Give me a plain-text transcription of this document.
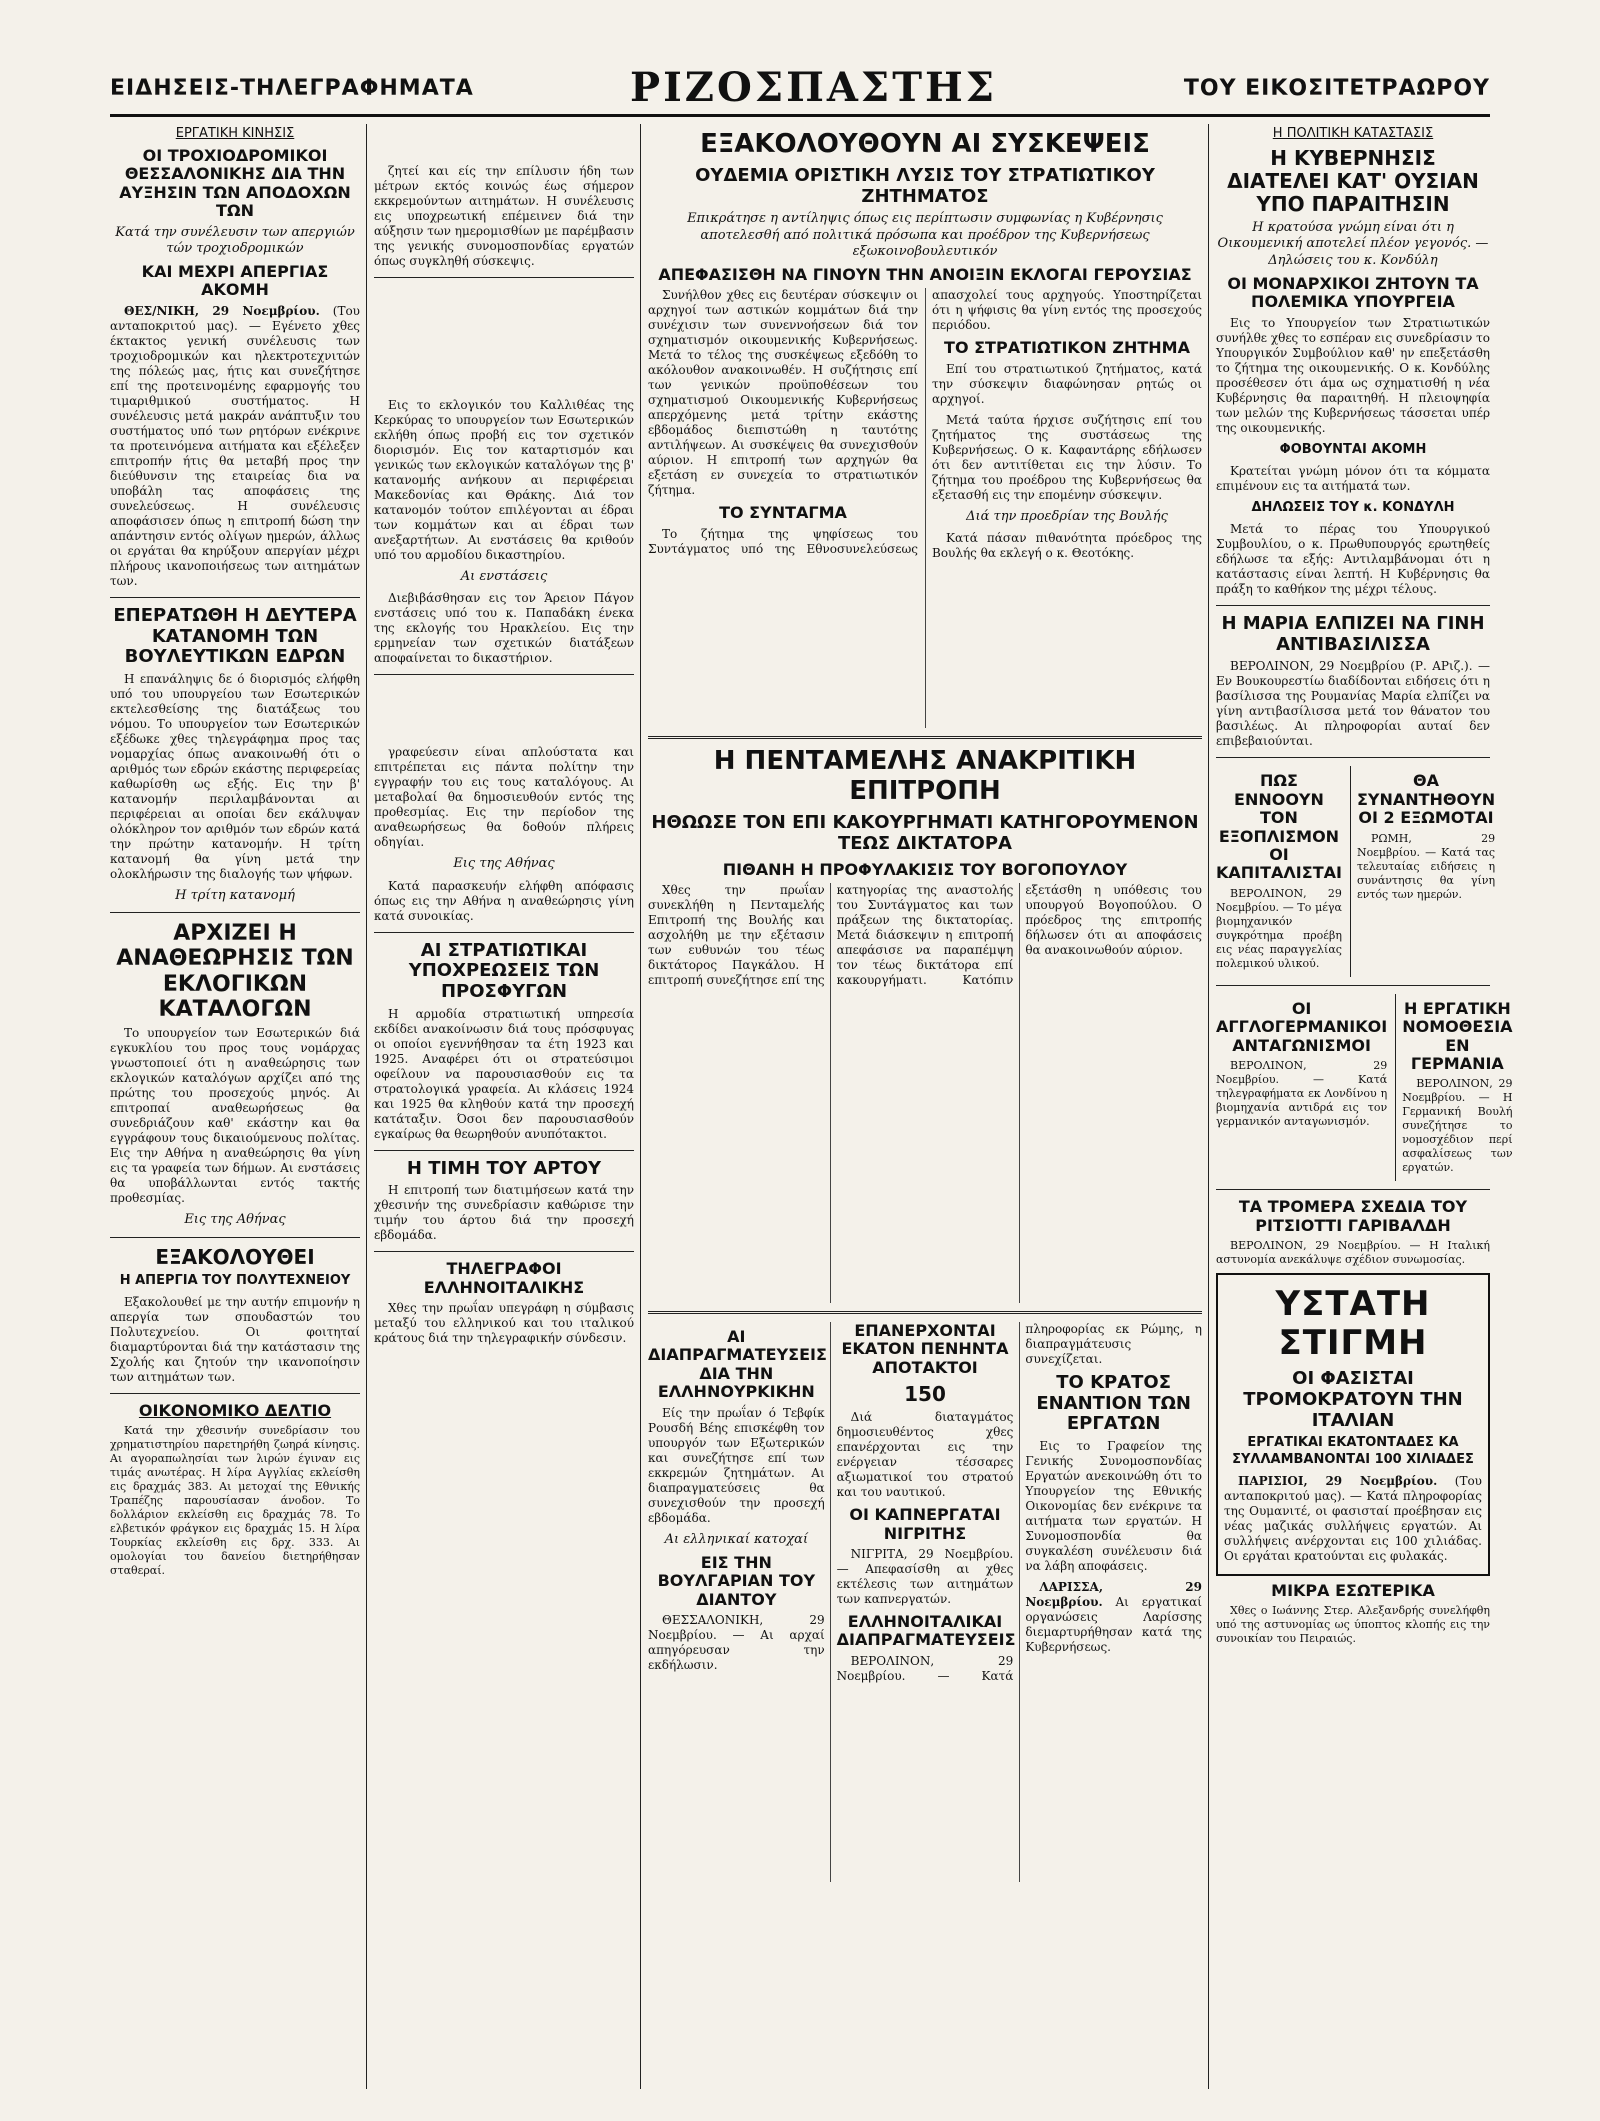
ΕΙΔΗΣΕΙΣ-ΤΗΛΕΓΡΑΦΗΜΑΤΑ	ΡΙΖΟΣΠΑΣΤΗΣ	ΤΟΥ ΕΙΚΟΣΙΤΕΤΡΑΩΡΟΥ
ΕΡΓΑΤΙΚΗ ΚΙΝΗΣΙΣ
ΟΙ ΤΡΟΧΙΟΔΡΟΜΙΚΟΙ ΘΕΣΣΑΛΟΝΙΚΗΣ ΔΙΑ ΤΗΝ ΑΥΞΗΣΙΝ ΤΩΝ ΑΠΟΔΟΧΩΝ ΤΩΝ
Κατά την συνέλευσιν των απεργιών τών τροχιοδρομικών
ΚΑΙ ΜΕΧΡΙ ΑΠΕΡΓΙΑΣ ΑΚΟΜΗ
ΘΕΣ/ΝΙΚΗ, 29 Νοεμβρίου. (Του ανταποκριτού μας). — Εγένετο χθες έκτακτος γενική συνέλευσις των τροχιοδρομικών και ηλεκτροτεχνιτών της πόλεώς μας, ήτις και συνεζήτησε επί της προτεινομένης εφαρμογής του τιμαριθμικού συστήματος. Η συνέλευσις μετά μακράν ανάπτυξιν του συστήματος υπό των ρητόρων ενέκρινε τα προτεινόμενα αιτήματα και εξέλεξεν επιτροπήν ήτις θα μεταβή προς την διεύθυνσιν της εταιρείας δια να υποβάλη τας αποφάσεις της συνελεύσεως. Η συνέλευσις αποφάσισεν όπως η επιτροπή δώση την απάντησιν εντός ολίγων ημερών, άλλως οι εργάται θα κηρύξουν απεργίαν μέχρι πλήρους ικανοποιήσεως των αιτημάτων των.
ΕΠΕΡΑΤΩΘΗ Η ΔΕΥΤΕΡΑ ΚΑΤΑΝΟΜΗ ΤΩΝ ΒΟΥΛΕΥΤΙΚΩΝ ΕΔΡΩΝ
Η επανάληψις δε ό διορισμός ελήφθη υπό του υπουργείου των Εσωτερικών εκτελεσθείσης της διατάξεως του νόμου. Το υπουργείον των Εσωτερικών εξέδωκε χθες τηλεγράφημα προς τας νομαρχίας όπως ανακοινωθή ότι ο αριθμός των εδρών εκάστης περιφερείας καθωρίσθη ως εξής. Εις την β' κατανομήν περιλαμβάνονται αι περιφέρειαι αι οποίαι δεν εκάλυψαν ολόκληρον τον αριθμόν των εδρών κατά την πρώτην κατανομήν. Η τρίτη κατανομή θα γίνη μετά την ολοκλήρωσιν της διαλογής των ψήφων.
Η τρίτη κατανομή
ΑΡΧΙΖΕΙ Η ΑΝΑΘΕΩΡΗΣΙΣ ΤΩΝ ΕΚΛΟΓΙΚΩΝ ΚΑΤΑΛΟΓΩΝ
Το υπουργείον των Εσωτερικών διά εγκυκλίου του προς τους νομάρχας γνωστοποιεί ότι η αναθεώρησις των εκλογικών καταλόγων αρχίζει από της πρώτης του προσεχούς μηνός. Αι επιτροπαί αναθεωρήσεως θα συνεδριάζουν καθ' εκάστην και θα εγγράφουν τους δικαιούμενους πολίτας. Εις την Αθήνα η αναθεώρησις θα γίνη εις τα γραφεία των δήμων. Αι ενστάσεις θα υποβάλλωνται εντός τακτής προθεσμίας.
Εις της Αθήνας
ΕΞΑΚΟΛΟΥΘΕΙ
Η ΑΠΕΡΓΙΑ ΤΟΥ ΠΟΛΥΤΕΧΝΕΙΟΥ
Εξακολουθεί με την αυτήν επιμονήν η απεργία των σπουδαστών του Πολυτεχνείου. Οι φοιτηταί διαμαρτύρονται διά την κατάστασιν της Σχολής και ζητούν την ικανοποίησιν των αιτημάτων των.
ΟΙΚΟΝΟΜΙΚΟ ΔΕΛΤΙΟ
Κατά την χθεσινήν συνεδρίασιν του χρηματιστηρίου παρετηρήθη ζωηρά κίνησις. Αι αγοραπωλησίαι των λιρών έγιναν εις τιμάς ανωτέρας. Η λίρα Αγγλίας εκλείσθη εις δραχμάς 383. Αι μετοχαί της Εθνικής Τραπέζης παρουσίασαν άνοδον. Το δολλάριον εκλείσθη εις δραχμάς 78. Το ελβετικόν φράγκον εις δραχμάς 15. Η λίρα Τουρκίας εκλείσθη εις δρχ. 333. Αι ομολογίαι του δανείου διετηρήθησαν σταθεραί.
ζητεί και είς την επίλυσιν ήδη των μέτρων εκτός κοινώς έως σήμερον εκκρεμούντων αιτημάτων. Η συνέλευσις εις υποχρεωτική επέμεινεν διά την αύξησιν των ημερομισθίων με παρέμβασιν της γενικής συνομοσπονδίας εργατών όπως συγκληθή σύσκεψις.
Εις το εκλογικόν του Καλλιθέας της Κερκύρας το υπουργείον των Εσωτερικών εκλήθη όπως προβή εις τον σχετικόν διορισμόν. Εις τον καταρτισμόν και γενικώς των εκλογικών καταλόγων της β' κατανομής ανήκουν αι περιφέρειαι Μακεδονίας και Θράκης. Διά τον κατανομόν τούτον επιλέγονται αι έδραι των κομμάτων και αι έδραι των ανεξαρτήτων. Αι ενστάσεις θα κριθούν υπό του αρμοδίου δικαστηρίου.
Αι ενστάσεις
Διεβιβάσθησαν εις τον Άρειον Πάγον ενστάσεις υπό του κ. Παπαδάκη ένεκα της εκλογής του Ηρακλείου. Εις την ερμηνείαν των σχετικών διατάξεων αποφαίνεται το δικαστήριον.
γραφεύεσιν είναι απλούστατα και επιτρέπεται εις πάντα πολίτην την εγγραφήν του εις τους καταλόγους. Αι μεταβολαί θα δημοσιευθούν εντός της προθεσμίας. Εις την περίοδον της αναθεωρήσεως θα δοθούν πλήρεις οδηγίαι.
Εις της Αθήνας
Κατά παρασκευήν ελήφθη απόφασις όπως εις την Αθήνα η αναθεώρησις γίνη κατά συνοικίας.
ΑΙ ΣΤΡΑΤΙΩΤΙΚΑΙ ΥΠΟΧΡΕΩΣΕΙΣ ΤΩΝ ΠΡΟΣΦΥΓΩΝ
Η αρμοδία στρατιωτική υπηρεσία εκδίδει ανακοίνωσιν διά τους πρόσφυγας οι οποίοι εγεννήθησαν τα έτη 1923 και 1925. Αναφέρει ότι οι στρατεύσιμοι οφείλουν να παρουσιασθούν εις τα στρατολογικά γραφεία. Αι κλάσεις 1924 και 1925 θα κληθούν κατά την προσεχή κατάταξιν. Όσοι δεν παρουσιασθούν εγκαίρως θα θεωρηθούν ανυπότακτοι.
Η ΤΙΜΗ ΤΟΥ ΑΡΤΟΥ
Η επιτροπή των διατιμήσεων κατά την χθεσινήν της συνεδρίασιν καθώρισε την τιμήν του άρτου διά την προσεχή εβδομάδα.
ΤΗΛΕΓΡΑΦΟΙ ΕΛΛΗΝΟΙΤΑΛΙΚΗΣ
Χθες την πρωΐαν υπεγράφη η σύμβασις μεταξύ του ελληνικού και του ιταλικού κράτους διά την τηλεγραφικήν σύνδεσιν.
ΕΞΑΚΟΛΟΥΘΟΥΝ ΑΙ ΣΥΣΚΕΨΕΙΣ
ΟΥΔΕΜΙΑ ΟΡΙΣΤΙΚΗ ΛΥΣΙΣ ΤΟΥ ΣΤΡΑΤΙΩΤΙΚΟΥ ΖΗΤΗΜΑΤΟΣ
Επικράτησε η αντίληψις όπως εις περίπτωσιν συμφωνίας η Κυβέρνησις αποτελεσθή από πολιτικά πρόσωπα και προέδρον της Κυβερνήσεως εξωκοινοβουλευτικόν
ΑΠΕΦΑΣΙΣΘΗ ΝΑ ΓΙΝΟΥΝ ΤΗΝ ΑΝΟΙΞΙΝ ΕΚΛΟΓΑΙ ΓΕΡΟΥΣΙΑΣ
Συνήλθον χθες εις δευτέραν σύσκεψιν οι αρχηγοί των αστικών κομμάτων διά την συνέχισιν των συνεννοήσεων διά τον σχηματισμόν οικουμενικής Κυβερνήσεως. Μετά το τέλος της συσκέψεως εξεδόθη το ακόλουθον ανακοινωθέν. Η συζήτησις επί των γενικών προϋποθέσεων του σχηματισμού Οικουμενικής Κυβερνήσεως απερχόμενης μετά τρίτην εκάστης εβδομάδος διεπιστώθη η ταυτότης αντιλήψεων. Αι συσκέψεις θα συνεχισθούν αύριον. Η επιτροπή των αρχηγών θα εξετάση εν συνεχεία το στρατιωτικόν ζήτημα.
ΤΟ ΣΥΝΤΑΓΜΑ
Το ζήτημα της ψηφίσεως του Συντάγματος υπό της Εθνοσυνελεύσεως απασχολεί τους αρχηγούς. Υποστηρίζεται ότι η ψήφισις θα γίνη εντός της προσεχούς περιόδου.
ΤΟ ΣΤΡΑΤΙΩΤΙΚΟΝ ΖΗΤΗΜΑ
Επί του στρατιωτικού ζητήματος, κατά την σύσκεψιν διαφώνησαν ρητώς οι αρχηγοί.
Μετά ταύτα ήρχισε συζήτησις επί του ζητήματος της συστάσεως της Κυβερνήσεως. Ο κ. Καφαντάρης εδήλωσεν ότι δεν αντιτίθεται εις την λύσιν. Το ζήτημα του προέδρου της Κυβερνήσεως θα εξετασθή εις την επομένην σύσκεψιν.
Διά την προεδρίαν της Βουλής
Κατά πάσαν πιθανότητα πρόεδρος της Βουλής θα εκλεγή ο κ. Θεοτόκης.
Η ΠΕΝΤΑΜΕΛΗΣ ΑΝΑΚΡΙΤΙΚΗ ΕΠΙΤΡΟΠΗ
ΗΘΩΩΣΕ ΤΟΝ ΕΠΙ ΚΑΚΟΥΡΓΗΜΑΤΙ ΚΑΤΗΓΟΡΟΥΜΕΝΟΝ ΤΕΩΣ ΔΙΚΤΑΤΟΡΑ
ΠΙΘΑΝΗ Η ΠΡΟΦΥΛΑΚΙΣΙΣ ΤΟΥ ΒΟΓΟΠΟΥΛΟΥ
Χθες την πρωΐαν συνεκλήθη η Πενταμελής Επιτροπή της Βουλής και ασχολήθη με την εξέτασιν των ευθυνών του τέως δικτάτορος Παγκάλου. Η επιτροπή συνεζήτησε επί της κατηγορίας της αναστολής του Συντάγματος και των πράξεων της δικτατορίας. Μετά διάσκεψιν η επιτροπή απεφάσισε να παραπέμψη τον τέως δικτάτορα επί κακουργήματι. Κατόπιν εξετάσθη η υπόθεσις του υπουργού Βογοπούλου. Ο πρόεδρος της επιτροπής δήλωσεν ότι αι αποφάσεις θα ανακοινωθούν αύριον.
ΑΙ ΔΙΑΠΡΑΓΜΑΤΕΥΣΕΙΣ ΔΙΑ ΤΗΝ ΕΛΛΗΝΟΥΡΚΙΚΗΝ
Είς την πρωΐαν ό Τεβφίκ Ρουσδή Βέης επισκέφθη τον υπουργόν των Εξωτερικών και συνεζήτησε επί των εκκρεμών ζητημάτων. Αι διαπραγματεύσεις θα συνεχισθούν την προσεχή εβδομάδα.
Αι ελληνικαί κατοχαί
ΕΙΣ ΤΗΝ ΒΟΥΛΓΑΡΙΑΝ ΤΟΥ ΔΙΑΝΤΟΥ
ΘΕΣΣΑΛΟΝΙΚΗ, 29 Νοεμβρίου. — Αι αρχαί απηγόρευσαν την εκδήλωσιν.
ΕΠΑΝΕΡΧΟΝΤΑΙ ΕΚΑΤΟΝ ΠΕΝΗΝΤΑ ΑΠΟΤΑΚΤΟΙ
150
Διά διαταγμάτος δημοσιευθέντος χθες επανέρχονται εις την ενέργειαν τέσσαρες αξιωματικοί του στρατού και του ναυτικού.
ΟΙ ΚΑΠΝΕΡΓΑΤΑΙ ΝΙΓΡΙΤΗΣ
ΝΙΓΡΙΤΑ, 29 Νοεμβρίου. — Απεφασίσθη αι χθες εκτέλεσις των αιτημάτων των καπνεργατών.
ΕΛΛΗΝΟΙΤΑΛΙΚΑΙ ΔΙΑΠΡΑΓΜΑΤΕΥΣΕΙΣ
ΒΕΡΟΛΙΝΟΝ, 29 Νοεμβρίου. — Κατά πληροφορίας εκ Ρώμης, η διαπραγμάτευσις συνεχίζεται.
ΤΟ ΚΡΑΤΟΣ ΕΝΑΝΤΙΟΝ ΤΩΝ ΕΡΓΑΤΩΝ
Εις το Γραφείον της Γενικής Συνομοσπονδίας Εργατών ανεκοινώθη ότι το Υπουργείον της Εθνικής Οικονομίας δεν ενέκρινε τα αιτήματα των εργατών. Η Συνομοσπονδία θα συγκαλέση συνέλευσιν διά να λάβη αποφάσεις.
ΛΑΡΙΣΣΑ, 29 Νοεμβρίου. Αι εργατικαί οργανώσεις Λαρίσσης διεμαρτυρήθησαν κατά της Κυβερνήσεως.
Η ΠΟΛΙΤΙΚΗ ΚΑΤΑΣΤΑΣΙΣ
Η ΚΥΒΕΡΝΗΣΙΣ ΔΙΑΤΕΛΕΙ ΚΑΤ' ΟΥΣΙΑΝ ΥΠΟ ΠΑΡΑΙΤΗΣΙΝ
Η κρατούσα γνώμη είναι ότι η Οικουμενική αποτελεί πλέον γεγονός. — Δηλώσεις του κ. Κονδύλη
ΟΙ ΜΟΝΑΡΧΙΚΟΙ ΖΗΤΟΥΝ ΤΑ ΠΟΛΕΜΙΚΑ ΥΠΟΥΡΓΕΙΑ
Εις το Υπουργείον των Στρατιωτικών συνήλθε χθες το εσπέραν εις συνεδρίασιν το Υπουργικόν Συμβούλιον καθ' ην επεξετάσθη το ζήτημα της οικουμενικής. Ο κ. Κονδύλης προσέθεσεν ότι άμα ως σχηματισθή η νέα Κυβέρνησις θα παραιτηθή. Η πλειοψηφία των μελών της Κυβερνήσεως τάσσεται υπέρ της οικουμενικής.
ΦΟΒΟΥΝΤΑΙ ΑΚΟΜΗ
Κρατείται γνώμη μόνον ότι τα κόμματα επιμένουν εις τα αιτήματά των.
ΔΗΛΩΣΕΙΣ ΤΟΥ κ. ΚΟΝΔΥΛΗ
Μετά το πέρας του Υπουργικού Συμβουλίου, ο κ. Πρωθυπουργός ερωτηθείς εδήλωσε τα εξής: Αντιλαμβάνομαι ότι η κατάστασις είναι λεπτή. Η Κυβέρνησις θα πράξη το καθήκον της μέχρι τέλους.
Η ΜΑΡΙΑ ΕΛΠΙΖΕΙ ΝΑ ΓΙΝΗ ΑΝΤΙΒΑΣΙΛΙΣΣΑ
ΒΕΡΟΛΙΝΟΝ, 29 Νοεμβρίου (Ρ. ΑΡιζ.). — Εν Βουκουρεστίω διαδίδονται ειδήσεις ότι η βασίλισσα της Ρουμανίας Μαρία ελπίζει να γίνη αντιβασίλισσα μετά τον θάνατον του βασιλέως. Αι πληροφορίαι αυταί δεν επιβεβαιούνται.
ΠΩΣ ΕΝΝΟΟΥΝ ΤΟΝ ΕΞΟΠΛΙΣΜΟΝ ΟΙ ΚΑΠΙΤΑΛΙΣΤΑΙ
ΒΕΡΟΛΙΝΟΝ, 29 Νοεμβρίου. — Το μέγα βιομηχανικόν συγκρότημα προέβη εις νέας παραγγελίας πολεμικού υλικού.
ΘΑ ΣΥΝΑΝΤΗΘΟΥΝ ΟΙ 2 ΕΞΩΜΟΤΑΙ
ΡΩΜΗ, 29 Νοεμβρίου. — Κατά τας τελευταίας ειδήσεις η συνάντησις θα γίνη εντός των ημερών.
ΟΙ ΑΓΓΛΟΓΕΡΜΑΝΙΚΟΙ ΑΝΤΑΓΩΝΙΣΜΟΙ
ΒΕΡΟΛΙΝΟΝ, 29 Νοεμβρίου. — Κατά τηλεγραφήματα εκ Λονδίνου η βιομηχανία αντιδρά εις τον γερμανικόν ανταγωνισμόν.
Η ΕΡΓΑΤΙΚΗ ΝΟΜΟΘΕΣΙΑ ΕΝ ΓΕΡΜΑΝΙΑ
ΒΕΡΟΛΙΝΟΝ, 29 Νοεμβρίου. — Η Γερμανική Βουλή συνεζήτησε το νομοσχέδιον περί ασφαλίσεως των εργατών.
ΤΑ ΤΡΟΜΕΡΑ ΣΧΕΔΙΑ ΤΟΥ ΡΙΤΣΙΟΤΤΙ ΓΑΡΙΒΑΛΔΗ
ΒΕΡΟΛΙΝΟΝ, 29 Νοεμβρίου. — Η Ιταλική αστυνομία ανεκάλυψε σχέδιον συνωμοσίας.
ΥΣΤΑΤΗ ΣΤΙΓΜΗ
ΟΙ ΦΑΣΙΣΤΑΙ ΤΡΟΜΟΚΡΑΤΟΥΝ ΤΗΝ ΙΤΑΛΙΑΝ
ΕΡΓΑΤΙΚΑΙ ΕΚΑΤΟΝΤΑΔΕΣ ΚΑ ΣΥΛΛΑΜΒΑΝΟΝΤΑΙ 100 ΧΙΛΙΑΔΕΣ
ΠΑΡΙΣΙΟΙ, 29 Νοεμβρίου. (Του ανταποκριτού μας). — Κατά πληροφορίας της Ουμανιτέ, οι φασισταί προέβησαν εις νέας μαζικάς συλλήψεις εργατών. Αι συλλήψεις ανέρχονται εις 100 χιλιάδας. Οι εργάται κρατούνται εις φυλακάς.
ΜΙΚΡΑ ΕΣΩΤΕΡΙΚΑ
Χθες ο Ιωάννης Στερ. Αλεξανδρής συνελήφθη υπό της αστυνομίας ως ύποπτος κλοπής εις την συνοικίαν του Πειραιώς.
